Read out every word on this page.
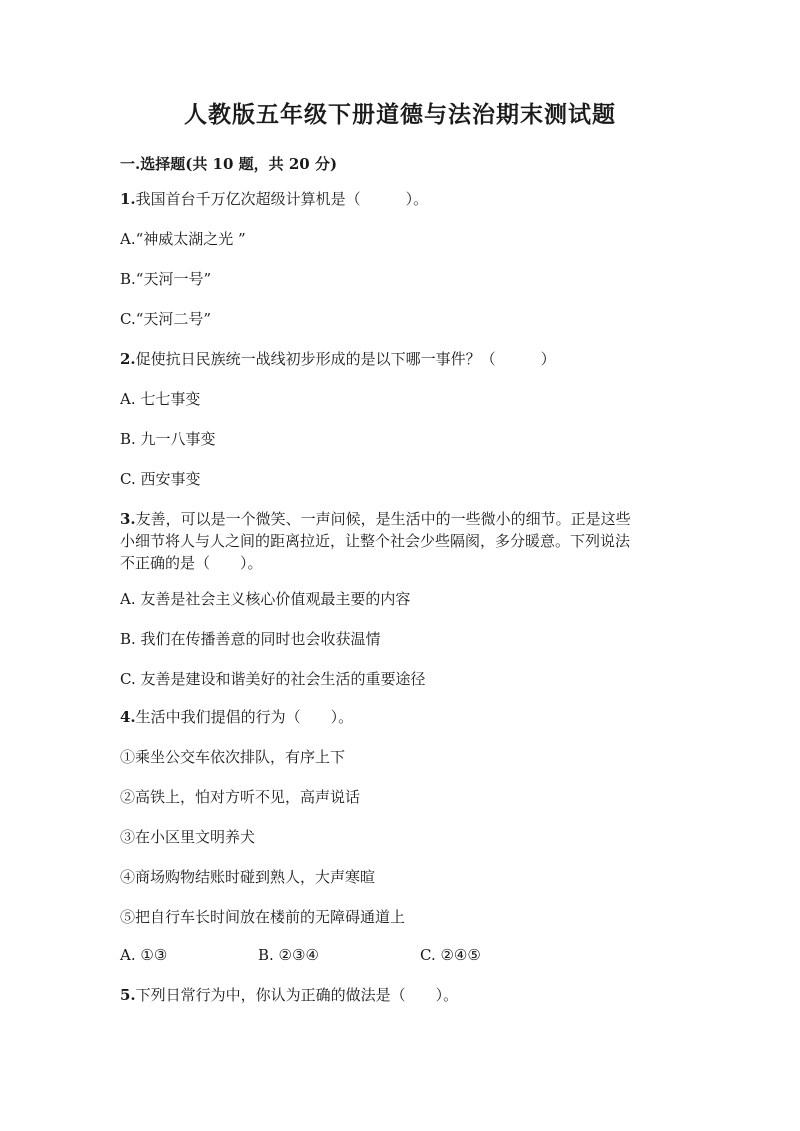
人教版五年级下册道德与法治期末测试题
一.选择题(共 10 题，共 20 分)
1.我国首台千万亿次超级计算机是（　　　）。
A.“神威太湖之光 ”
B.“天河一号”
C.“天河二号”
2.促使抗日民族统一战线初步形成的是以下哪一事件？（　　　）
A. 七七事变
B. 九一八事变
C. 西安事变
3.友善，可以是一个微笑、一声问候，是生活中的一些微小的细节。正是这些
小细节将人与人之间的距离拉近，让整个社会少些隔阂，多分暖意。下列说法
不正确的是（　　）。
A. 友善是社会主义核心价值观最主要的内容
B. 我们在传播善意的同时也会收获温情
C. 友善是建设和谐美好的社会生活的重要途径
4.生活中我们提倡的行为（　　）。
①乘坐公交车依次排队，有序上下
②高铁上，怕对方听不见，高声说话
③在小区里文明养犬
④商场购物结账时碰到熟人，大声寒暄
⑤把自行车长时间放在楼前的无障碍通道上
A. ①③	B. ②③④	C. ②④⑤
5.下列日常行为中，你认为正确的做法是（　　）。
